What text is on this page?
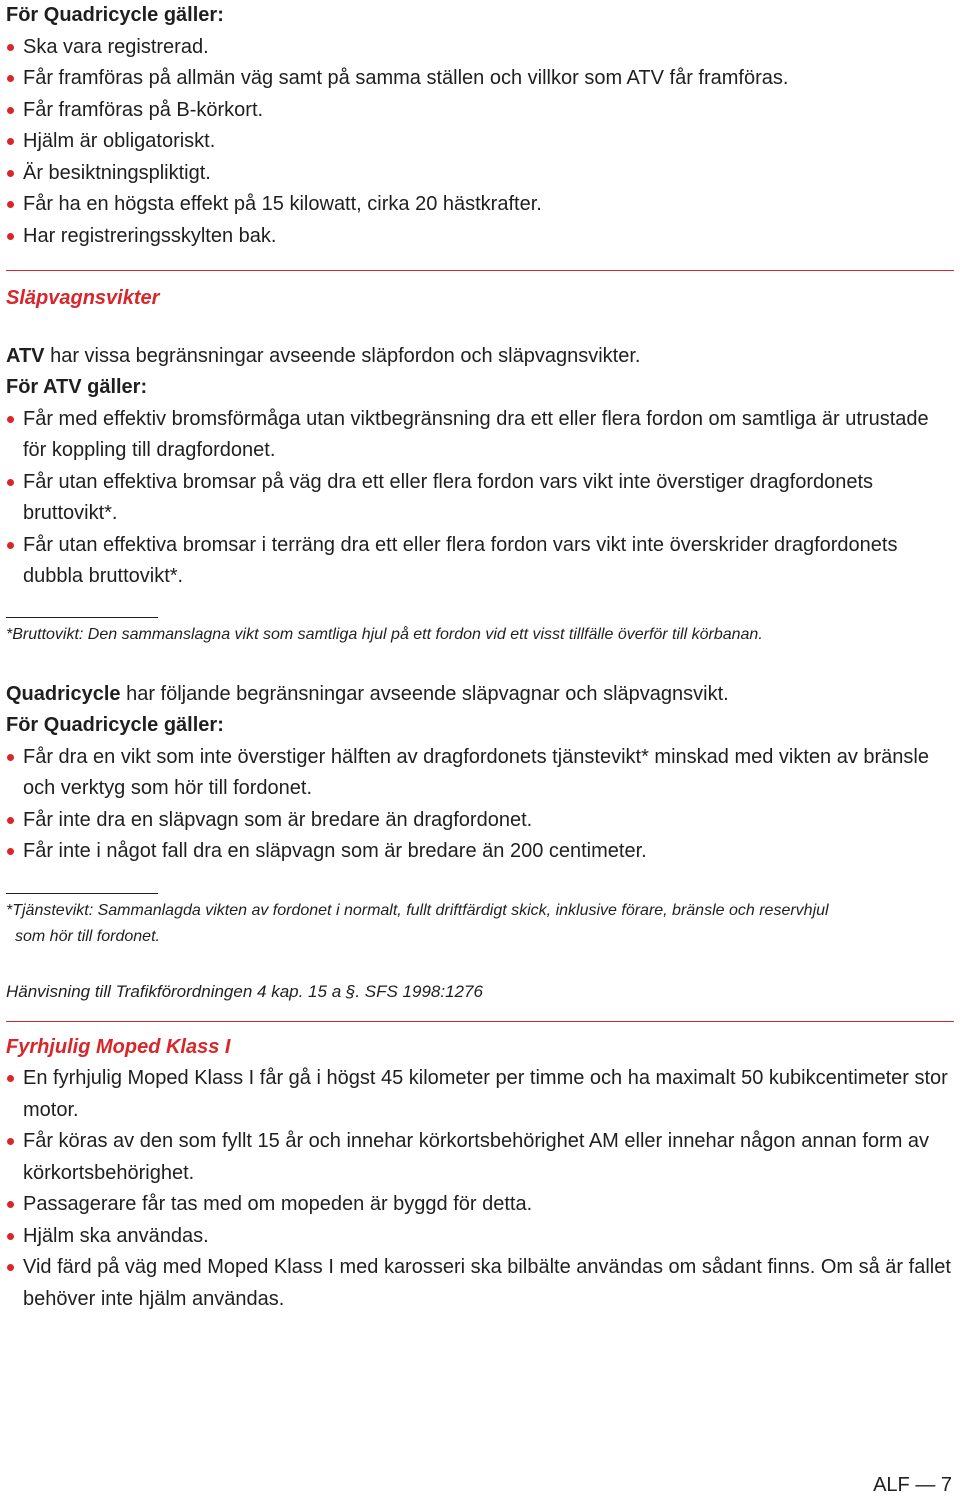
För Quadricycle gäller:

Ska vara registrerad.
Får framföras på allmän väg samt på samma ställen och villkor som ATV får framföras.
Får framföras på B-körkort.
Hjälm är obligatoriskt.
Är besiktningspliktigt.
Får ha en högsta effekt på 15 kilowatt, cirka 20 hästkrafter.
Har registreringsskylten bak.

Släpvagnsvikter

ATV har vissa begränsningar avseende släpfordon och släpvagnsvikter.

För ATV gäller:

Får med effektiv bromsförmåga utan viktbegränsning dra ett eller flera fordon om samtliga är utrustade för koppling till dragfordonet.
Får utan effektiva bromsar på väg dra ett eller flera fordon vars vikt inte överstiger dragfordonets bruttovikt*.
Får utan effektiva bromsar i terräng dra ett eller flera fordon vars vikt inte överskrider dragfordonets dubbla bruttovikt*.

*Bruttovikt: Den sammanslagna vikt som samtliga hjul på ett fordon vid ett visst tillfälle överför till körbanan.

Quadricycle har följande begränsningar avseende släpvagnar och släpvagnsvikt.

För Quadricycle gäller:

Får dra en vikt som inte överstiger hälften av dragfordonets tjänstevikt* minskad med vikten av bränsle och verktyg som hör till fordonet.
Får inte dra en släpvagn som är bredare än dragfordonet.
Får inte i något fall dra en släpvagn som är bredare än 200 centimeter.

*Tjänstevikt: Sammanlagda vikten av fordonet i normalt, fullt driftfärdigt skick, inklusive förare, bränsle och reservhjul
som hör till fordonet.

Hänvisning till Trafikförordningen 4 kap. 15 a §. SFS 1998:1276

Fyrhjulig Moped Klass I

En fyrhjulig Moped Klass I får gå i högst 45 kilometer per timme och ha maximalt 50 kubikcentimeter stor motor.
Får köras av den som fyllt 15 år och innehar körkortsbehörighet AM eller innehar någon annan form av körkortsbehörighet.
Passagerare får tas med om mopeden är byggd för detta.
Hjälm ska användas.
Vid färd på väg med Moped Klass I med karosseri ska bilbälte användas om sådant finns. Om så är fallet behöver inte hjälm användas.
ALF — 7
